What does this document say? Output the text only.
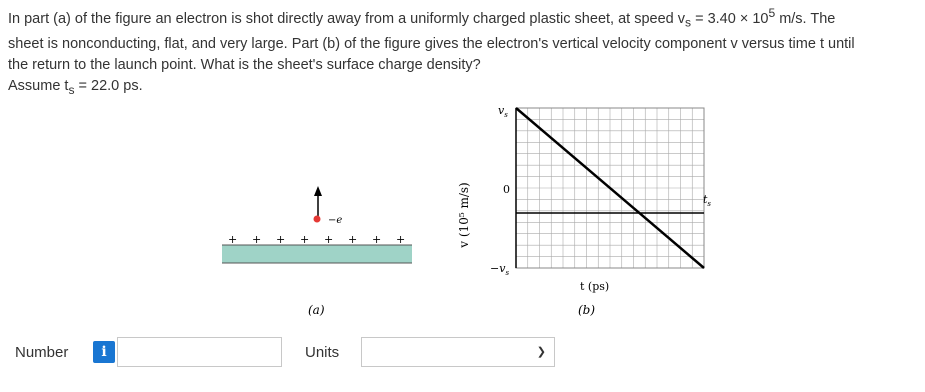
In part (a) of the figure an electron is shot directly away from a uniformly charged plastic sheet, at speed $v_s = 3.40 \times 10^5$ m/s. The

sheet is nonconducting, flat, and very large. Part (b) of the figure gives the electron's vertical velocity component v versus time t until

the return to the launch point. What is the sheet's surface charge density?

Assume $t_s = 22.0$ ps.

−e
+ + + + + + + +
(a)
v (10⁵ m/s)
$v_s$
0
$-v_s$
$t_s$
t (ps)
(b)
Number	i	Units	❯
